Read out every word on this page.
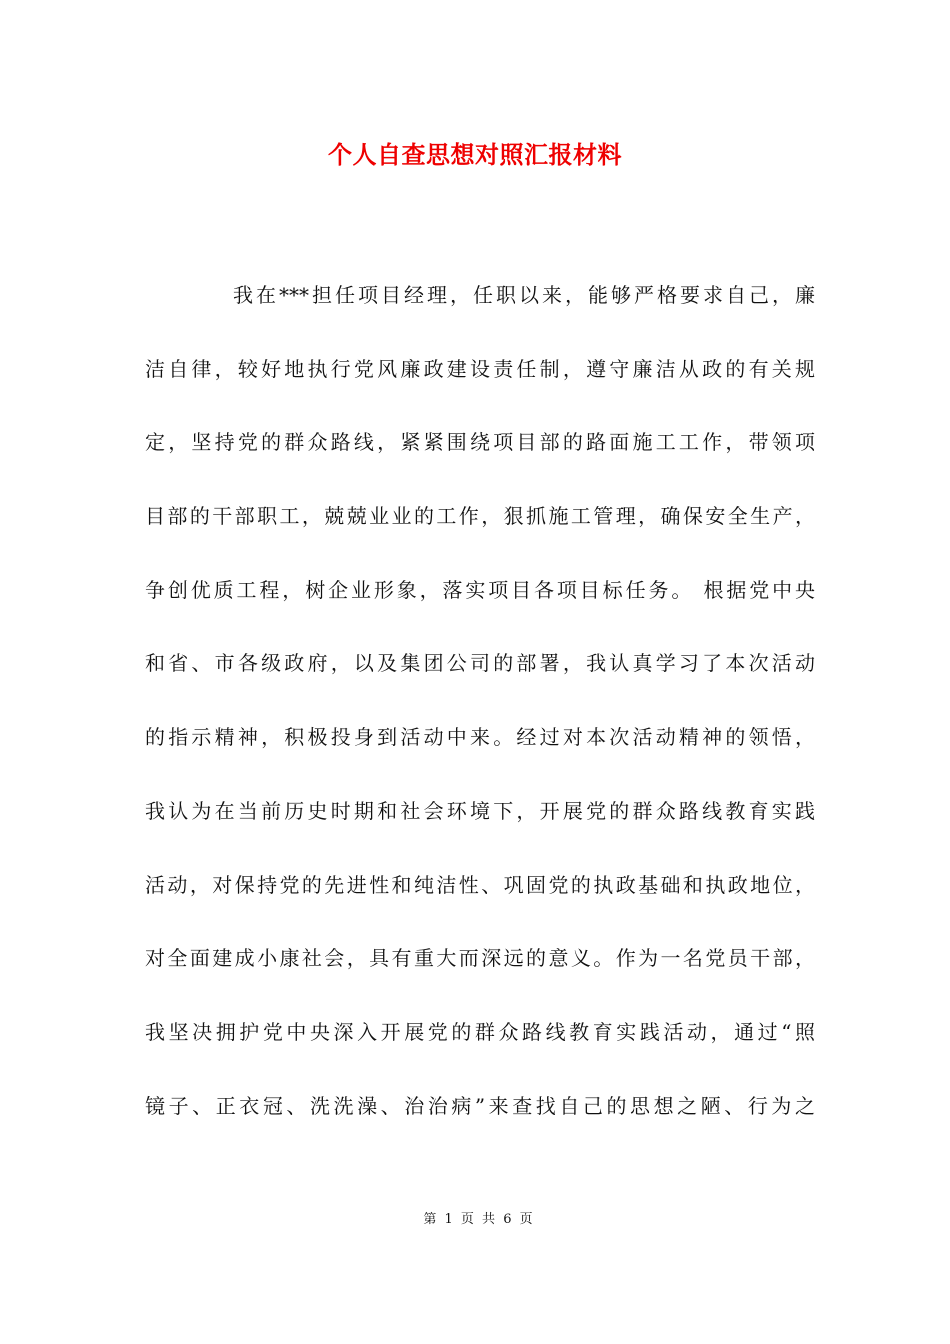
个人自查思想对照汇报材料
我在***担任项目经理，任职以来，能够严格要求自己，廉
洁自律，较好地执行党风廉政建设责任制，遵守廉洁从政的有关规
定，坚持党的群众路线，紧紧围绕项目部的路面施工工作，带领项
目部的干部职工，兢兢业业的工作，狠抓施工管理，确保安全生产，
争创优质工程，树企业形象，落实项目各项目标任务。 根据党中央
和省、市各级政府，以及集团公司的部署，我认真学习了本次活动
的指示精神，积极投身到活动中来。经过对本次活动精神的领悟，
我认为在当前历史时期和社会环境下，开展党的群众路线教育实践
活动，对保持党的先进性和纯洁性、巩固党的执政基础和执政地位，
对全面建成小康社会，具有重大而深远的意义。作为一名党员干部，
我坚决拥护党中央深入开展党的群众路线教育实践活动，通过“照
镜子、正衣冠、洗洗澡、治治病”来查找自己的思想之陋、行为之
第 1 页 共 6 页
